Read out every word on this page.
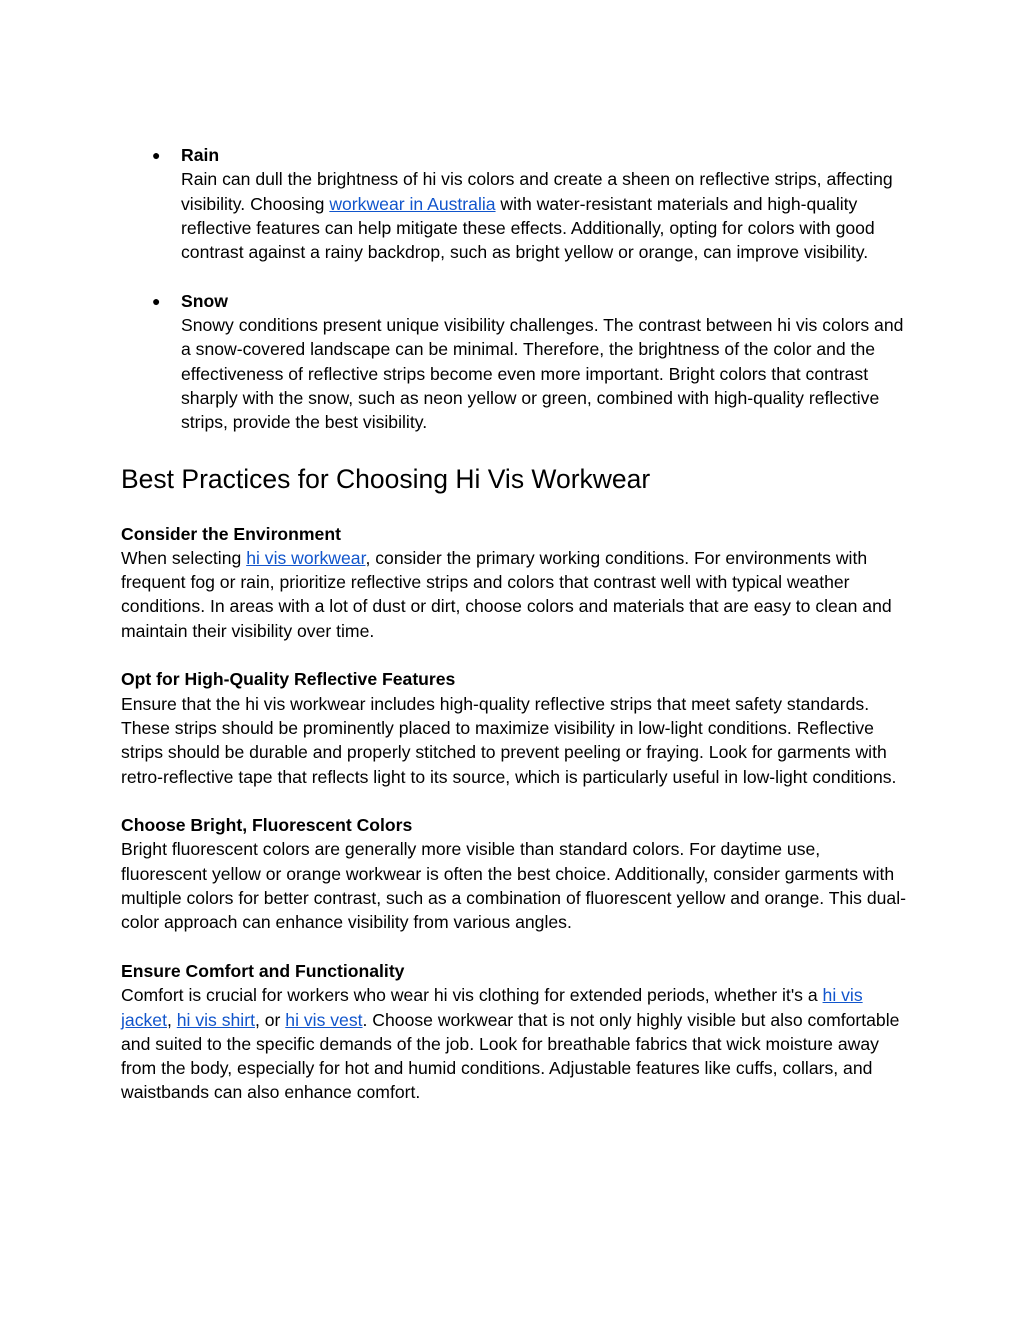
● Rain

Rain can dull the brightness of hi vis colors and create a sheen on reflective strips, affecting visibility. Choosing workwear in Australia with water-resistant materials and high-quality reflective features can help mitigate these effects. Additionally, opting for colors with good contrast against a rainy backdrop, such as bright yellow or orange, can improve visibility.

● Snow

Snowy conditions present unique visibility challenges. The contrast between hi vis colors and a snow-covered landscape can be minimal. Therefore, the brightness of the color and the effectiveness of reflective strips become even more important. Bright colors that contrast sharply with the snow, such as neon yellow or green, combined with high-quality reflective strips, provide the best visibility.

Best Practices for Choosing Hi Vis Workwear

Consider the Environment

When selecting hi vis workwear, consider the primary working conditions. For environments with frequent fog or rain, prioritize reflective strips and colors that contrast well with typical weather conditions. In areas with a lot of dust or dirt, choose colors and materials that are easy to clean and maintain their visibility over time.

Opt for High-Quality Reflective Features

Ensure that the hi vis workwear includes high-quality reflective strips that meet safety standards. These strips should be prominently placed to maximize visibility in low-light conditions. Reflective strips should be durable and properly stitched to prevent peeling or fraying. Look for garments with retro-reflective tape that reflects light to its source, which is particularly useful in low-light conditions.

Choose Bright, Fluorescent Colors

Bright fluorescent colors are generally more visible than standard colors. For daytime use, fluorescent yellow or orange workwear is often the best choice. Additionally, consider garments with multiple colors for better contrast, such as a combination of fluorescent yellow and orange. This dual-color approach can enhance visibility from various angles.

Ensure Comfort and Functionality

Comfort is crucial for workers who wear hi vis clothing for extended periods, whether it's a hi vis jacket, hi vis shirt, or hi vis vest. Choose workwear that is not only highly visible but also comfortable and suited to the specific demands of the job. Look for breathable fabrics that wick moisture away from the body, especially for hot and humid conditions. Adjustable features like cuffs, collars, and waistbands can also enhance comfort.
